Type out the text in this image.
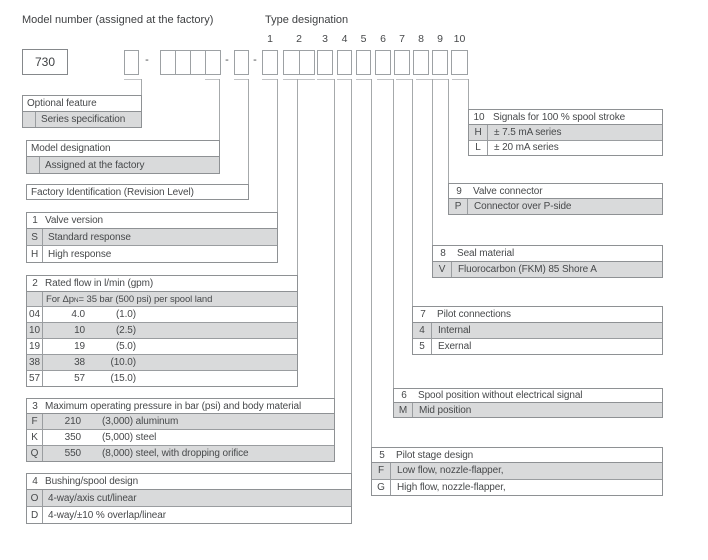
Model number (assigned at the factory)	Type designation
1	2	3	4	5	6	7	8	9	10
730	-	- -
Optional feature
Series specification
Model designation
Assigned at the factory
Factory Identification (Revision Level)
1 Valve version
S	Standard response
H High response
2 Rated flow in l/min (gpm)
For Δp N = 35 bar (500 psi) per spool land
04	4.0	(1.0)
10	10	(2.5)
19	19	(5.0)
38	38	(10.0)
57	57	(15.0)
3 Maximum operating pressure in bar (psi) and body material
F	210	(3,000) aluminum
K	350	(5,000) steel
Q	550	(8,000) steel, with dropping orifice
4 Bushing/spool design
O 4-way/axis cut/linear
D 4-way/±10 % overlap/linear
5	Pilot stage design
F	Low flow, nozzle-flapper,
G	High flow, nozzle-flapper,
6	Spool position without electrical signal
M	Mid position
7	Pilot connections
4	Internal
5	Exernal
8	Seal material
V	Fluorocarbon (FKM) 85 Shore A
9	Valve connector
P	Connector over P-side
10 Signals for 100 % spool stroke
H	± 7.5 mA series
L	± 20 mA series
